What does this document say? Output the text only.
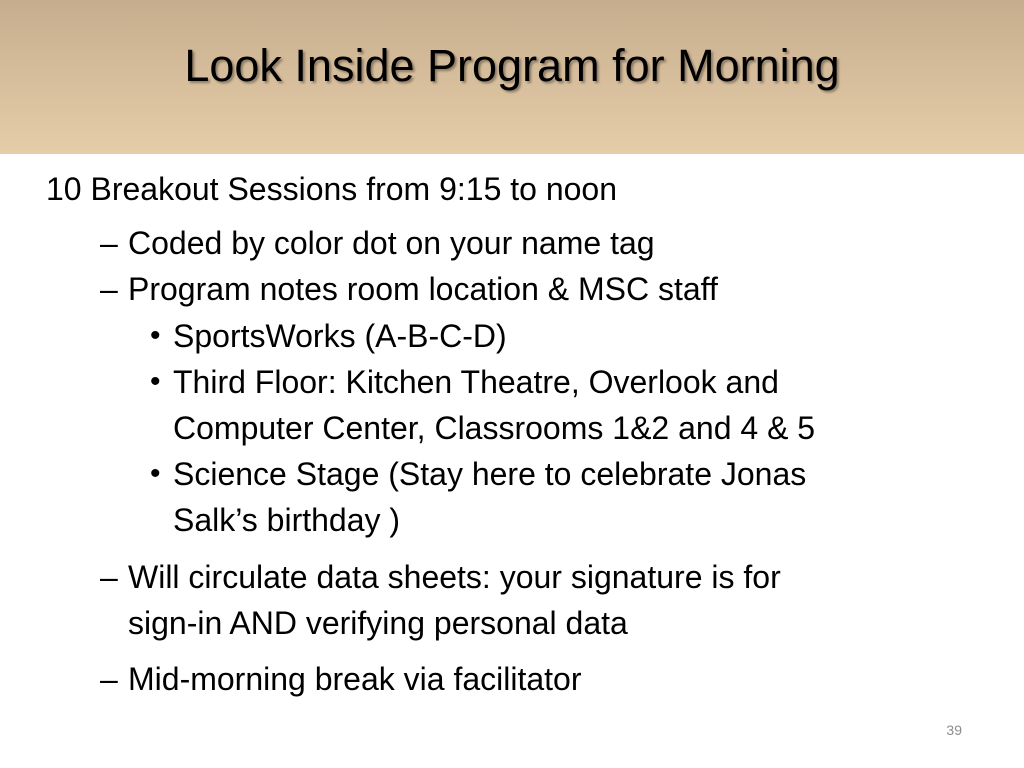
Look Inside Program for Morning
10 Breakout Sessions from 9:15 to noon
– Coded by color dot on your name tag
– Program notes room location & MSC staff
• SportsWorks (A-B-C-D)
• Third Floor: Kitchen Theatre, Overlook and
Computer Center, Classrooms 1&2 and 4 & 5
• Science Stage (Stay here to celebrate Jonas
Salk’s birthday )
– Will circulate data sheets: your signature is for
sign-in AND verifying personal data
– Mid-morning break via facilitator
39
